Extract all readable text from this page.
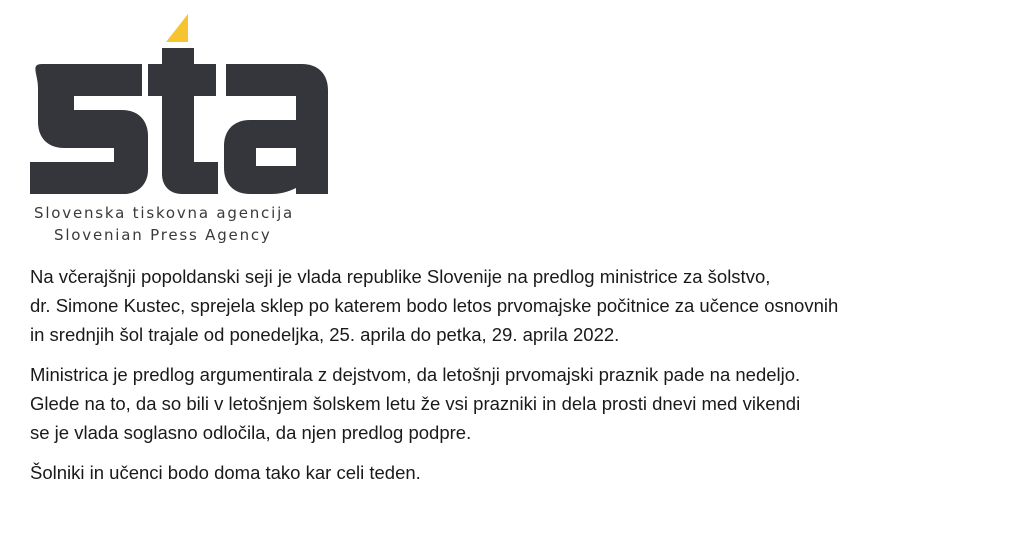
Slovenska tiskovna agencija
Slovenian Press Agency

Na včerajšnji popoldanski seji je vlada republike Slovenije na predlog ministrice za šolstvo,
dr. Simone Kustec, sprejela sklep po katerem bodo letos prvomajske počitnice za učence osnovnih
in srednjih šol trajale od ponedeljka, 25. aprila do petka, 29. aprila 2022.

Ministrica je predlog argumentirala z dejstvom, da letošnji prvomajski praznik pade na nedeljo.
Glede na to, da so bili v letošnjem šolskem letu že vsi prazniki in dela prosti dnevi med vikendi
se je vlada soglasno odločila, da njen predlog podpre.

Šolniki in učenci bodo doma tako kar celi teden.
